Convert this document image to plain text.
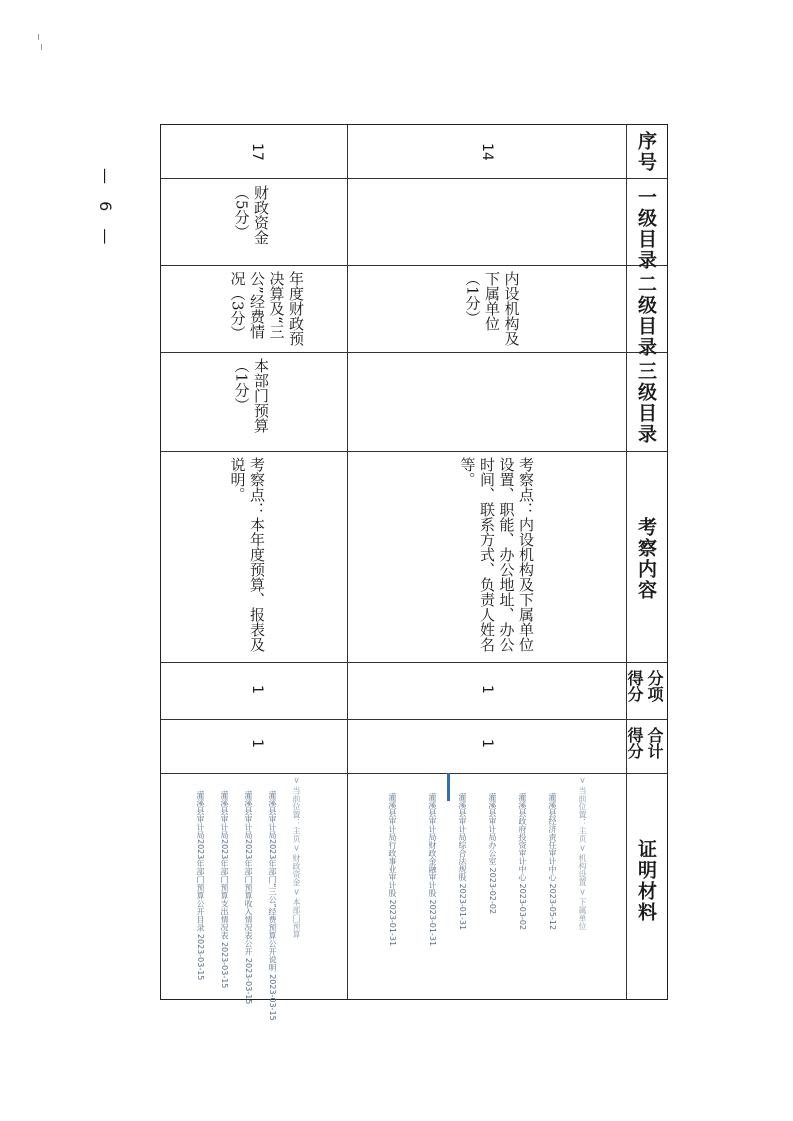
— 6 —
序号
一级目录
二级目录
三级目录
考察内容
分项得分
合计得分
证明材料
14
内设机构及下属单位（1分）
考察点：内设机构及下属单位设置、职能、办公地址、办公时间、联系方式、负责人姓名等。
1
1
> 当前位置：主页 > 机构设置 > 下属单位
灌溪县经济责任审计中心 2023-05-12
灌溪县政府投资审计中心 2023-03-02
灌溪县审计局办公室 2023-02-02
灌溪县审计局综合法规股 2023-01-31
灌溪县审计局财政金融审计股 2023-01-31
灌溪县审计局行政事业审计股 2023-01-31
17
财政资金（5分）
年度财政预决算及“三公”经费情况（3分）
本部门预算（1分）
考察点：本年度预算、报表及说明。
1
1
> 当前位置：主页 > 财政资金 > 本部门预算
灌溪县审计局2023年部门“三公”经费预算公开说明 2023-03-15
灌溪县审计局2023年部门预算收入情况表公开 2023-03-15
灌溪县审计局2023年部门预算支出情况表 2023-03-15
灌溪县审计局2023年部门预算公开目录 2023-03-15
